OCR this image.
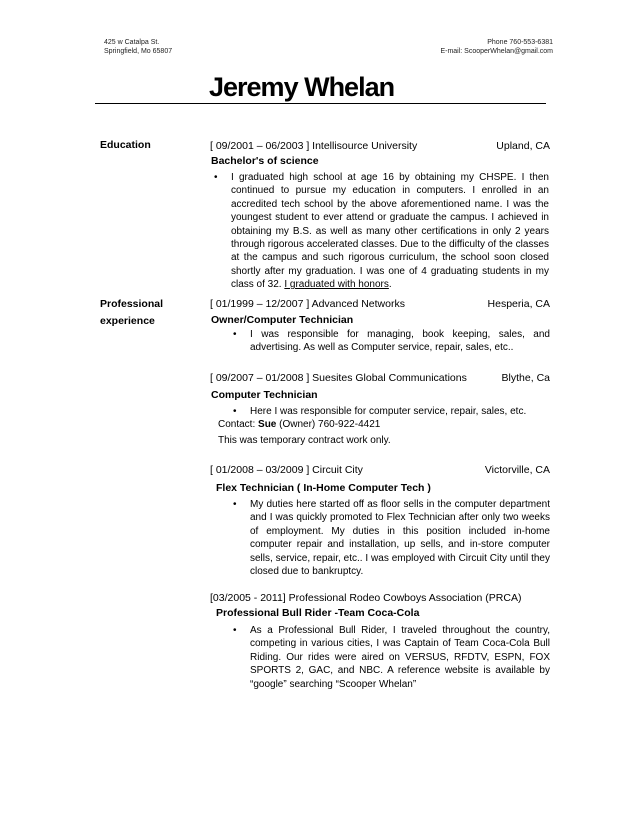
425 w Catalpa St.
Springfield, Mo 65807
Phone 760-553-6381
E-mail: ScooperWhelan@gmail.com
Jeremy Whelan
Education	[ 09/2001 – 06/2003 ] Intellisource University	Upland, CA
Bachelor's of science
• I graduated high school at age 16 by obtaining my CHSPE. I then continued to pursue my education in computers. I enrolled in an accredited tech school by the above aforementioned name. I was the youngest student to ever attend or graduate the campus. I achieved in obtaining my B.S. as well as many other certifications in only 2 years through rigorous accelerated classes. Due to the difficulty of the classes at the campus and such rigorous curriculum, the school soon closed shortly after my graduation. I was one of 4 graduating students in my class of 32. I graduated with honors.
Professional
experience
[ 01/1999 – 12/2007 ] Advanced Networks	Hesperia, CA
Owner/Computer Technician
• I was responsible for managing, book keeping, sales, and advertising. As well as Computer service, repair, sales, etc..
[ 09/2007 – 01/2008 ] Suesites Global Communications	Blythe, Ca
Computer Technician
• Here I was responsible for computer service, repair, sales, etc.
Contact: Sue (Owner) 760-922-4421
This was temporary contract work only.
[ 01/2008 – 03/2009 ] Circuit City	Victorville, CA
Flex Technician ( In-Home Computer Tech )
• My duties here started off as floor sells in the computer department and I was quickly promoted to Flex Technician after only two weeks of employment. My duties in this position included in-home computer repair and installation, up sells, and in-store computer sells, service, repair, etc.. I was employed with Circuit City until they closed due to bankruptcy.
[03/2005 - 2011] Professional Rodeo Cowboys Association (PRCA)
Professional Bull Rider -Team Coca-Cola
• As a Professional Bull Rider, I traveled throughout the country, competing in various cities, I was Captain of Team Coca-Cola Bull Riding. Our rides were aired on VERSUS, RFDTV, ESPN, FOX SPORTS 2, GAC, and NBC. A reference website is available by “google” searching “Scooper Whelan”
